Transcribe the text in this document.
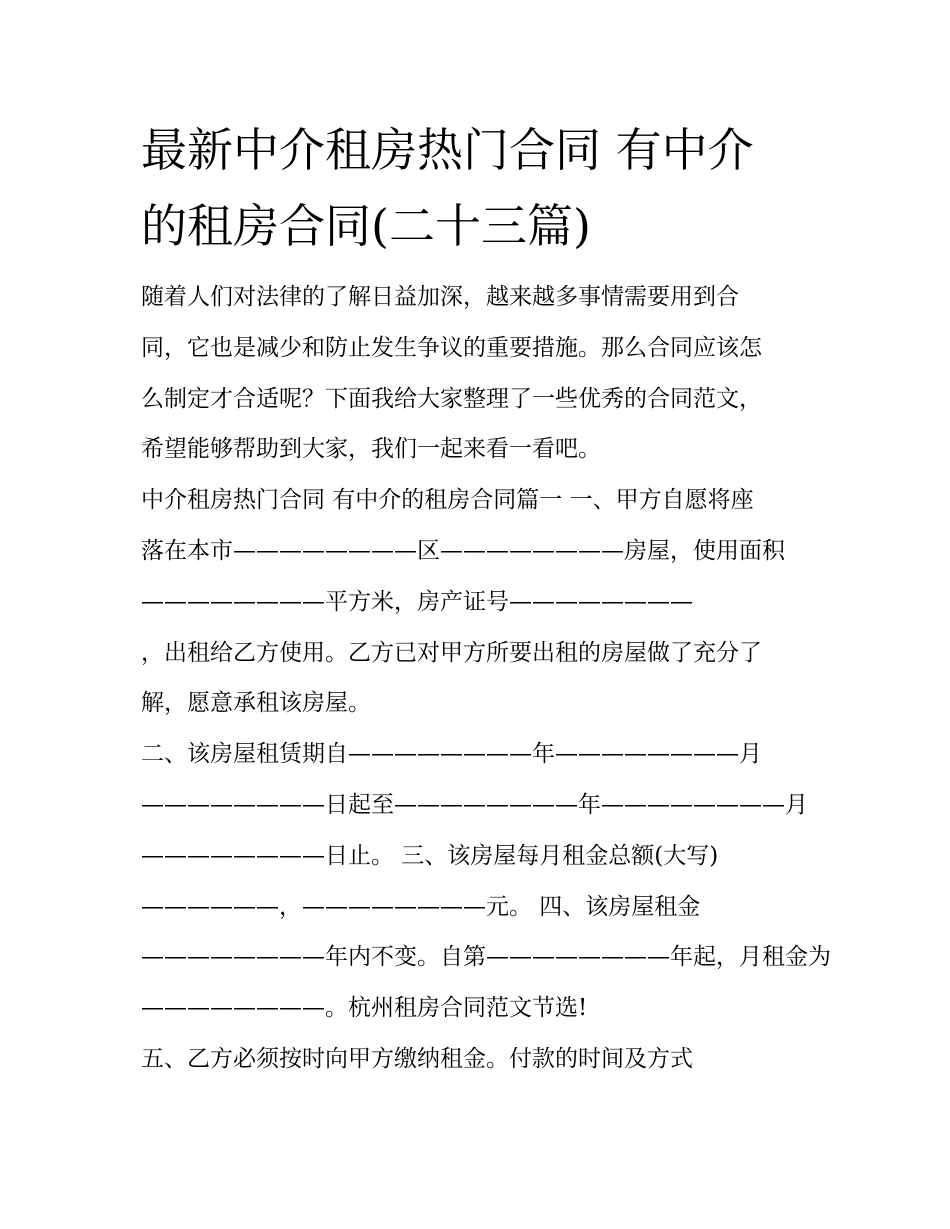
最新中介租房热门合同 有中介
的租房合同(二十三篇)
随着人们对法律的了解日益加深，越来越多事情需要用到合
同，它也是减少和防止发生争议的重要措施。那么合同应该怎
么制定才合适呢？下面我给大家整理了一些优秀的合同范文，
希望能够帮助到大家，我们一起来看一看吧。
中介租房热门合同 有中介的租房合同篇一 一、甲方自愿将座
落在本市————————区————————房屋，使用面积
————————平方米，房产证号————————
，出租给乙方使用。乙方已对甲方所要出租的房屋做了充分了
解，愿意承租该房屋。
二、该房屋租赁期自————————年————————月
————————日起至————————年————————月
————————日止。 三、该房屋每月租金总额(大写)
——————，————————元。 四、该房屋租金
————————年内不变。自第————————年起，月租金为
————————。杭州租房合同范文节选!
五、乙方必须按时向甲方缴纳租金。付款的时间及方式
